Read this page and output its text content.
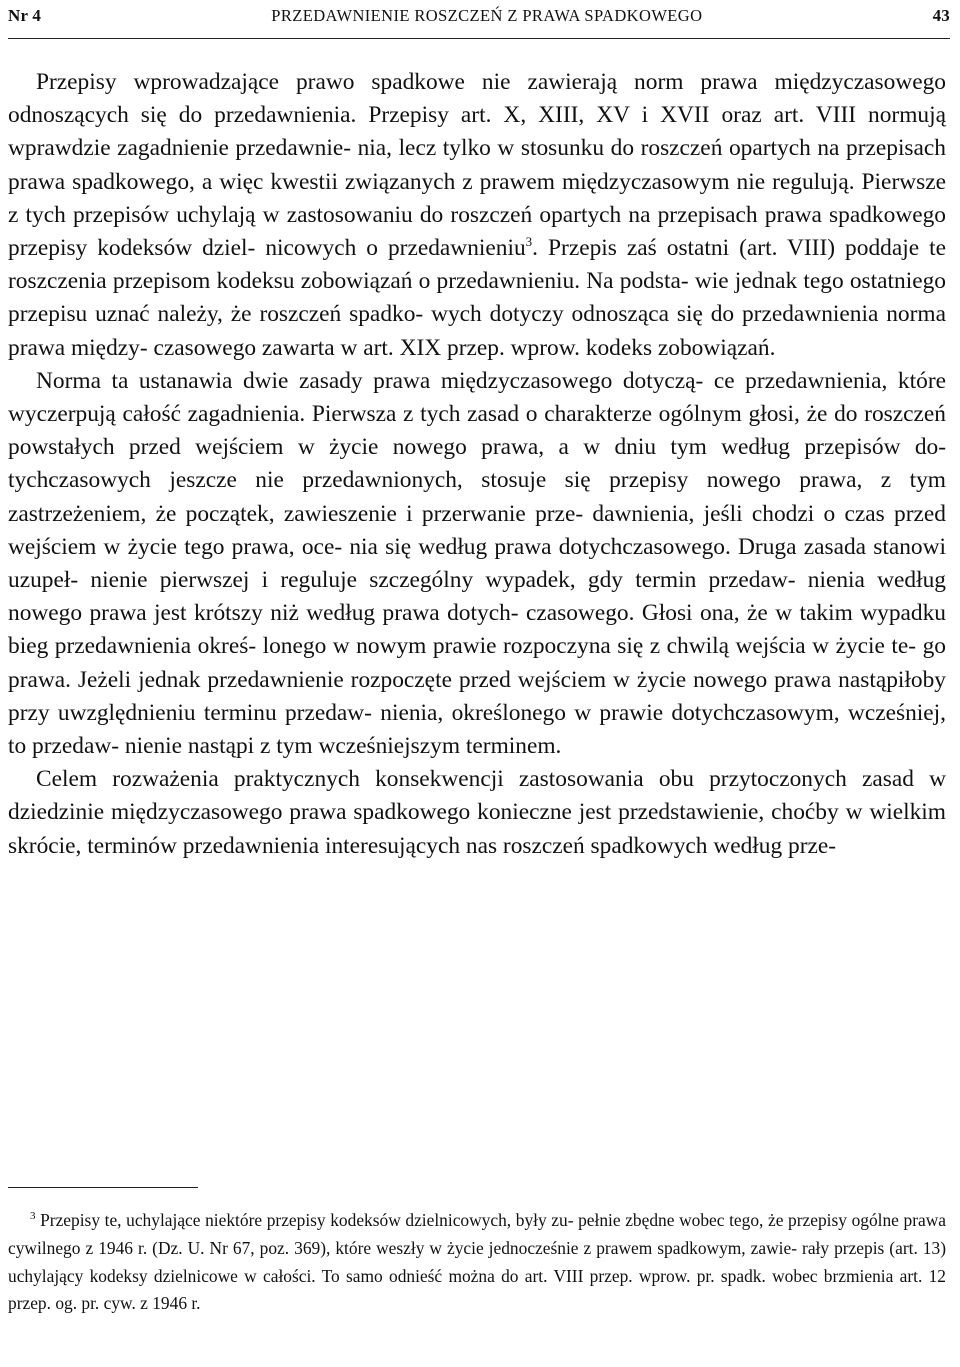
Nr 4	PRZEDAWNIENIE ROSZCZEŃ Z PRAWA SPADKOWEGO	43

Przepisy wprowadzające prawo spadkowe nie zawierają norm prawa międzyczasowego odnoszących się do przedawnienia. Przepisy art. X, XIII, XV i XVII oraz art. VIII normują wprawdzie zagadnienie przedawnie- nia, lecz tylko w stosunku do roszczeń opartych na przepisach prawa spadkowego, a więc kwestii związanych z prawem międzyczasowym nie regulują. Pierwsze z tych przepisów uchylają w zastosowaniu do roszczeń opartych na przepisach prawa spadkowego przepisy kodeksów dziel- nicowych o przedawnieniu$^3$. Przepis zaś ostatni (art. VIII) poddaje te roszczenia przepisom kodeksu zobowiązań o przedawnieniu. Na podsta- wie jednak tego ostatniego przepisu uznać należy, że roszczeń spadko- wych dotyczy odnosząca się do przedawnienia norma prawa między- czasowego zawarta w art. XIX przep. wprow. kodeks zobowiązań.

Norma ta ustanawia dwie zasady prawa międzyczasowego dotyczą- ce przedawnienia, które wyczerpują całość zagadnienia. Pierwsza z tych zasad o charakterze ogólnym głosi, że do roszczeń powstałych przed wejściem w życie nowego prawa, a w dniu tym według przepisów do- tychczasowych jeszcze nie przedawnionych, stosuje się przepisy nowego prawa, z tym zastrzeżeniem, że początek, zawieszenie i przerwanie prze- dawnienia, jeśli chodzi o czas przed wejściem w życie tego prawa, oce- nia się według prawa dotychczasowego. Druga zasada stanowi uzupeł- nienie pierwszej i reguluje szczególny wypadek, gdy termin przedaw- nienia według nowego prawa jest krótszy niż według prawa dotych- czasowego. Głosi ona, że w takim wypadku bieg przedawnienia okreś- lonego w nowym prawie rozpoczyna się z chwilą wejścia w życie te- go prawa. Jeżeli jednak przedawnienie rozpoczęte przed wejściem w życie nowego prawa nastąpiłoby przy uwzględnieniu terminu przedaw- nienia, określonego w prawie dotychczasowym, wcześniej, to przedaw- nienie nastąpi z tym wcześniejszym terminem.

Celem rozważenia praktycznych konsekwencji zastosowania obu przytoczonych zasad w dziedzinie międzyczasowego prawa spadkowego konieczne jest przedstawienie, choćby w wielkim skrócie, terminów przedawnienia interesujących nas roszczeń spadkowych według prze-

$^3$ Przepisy te, uchylające niektóre przepisy kodeksów dzielnicowych, były zu- pełnie zbędne wobec tego, że przepisy ogólne prawa cywilnego z 1946 r. (Dz. U. Nr 67, poz. 369), które weszły w życie jednocześnie z prawem spadkowym, zawie- rały przepis (art. 13) uchylający kodeksy dzielnicowe w całości. To samo odnieść można do art. VIII przep. wprow. pr. spadk. wobec brzmienia art. 12 przep. og. pr. cyw. z 1946 r.
